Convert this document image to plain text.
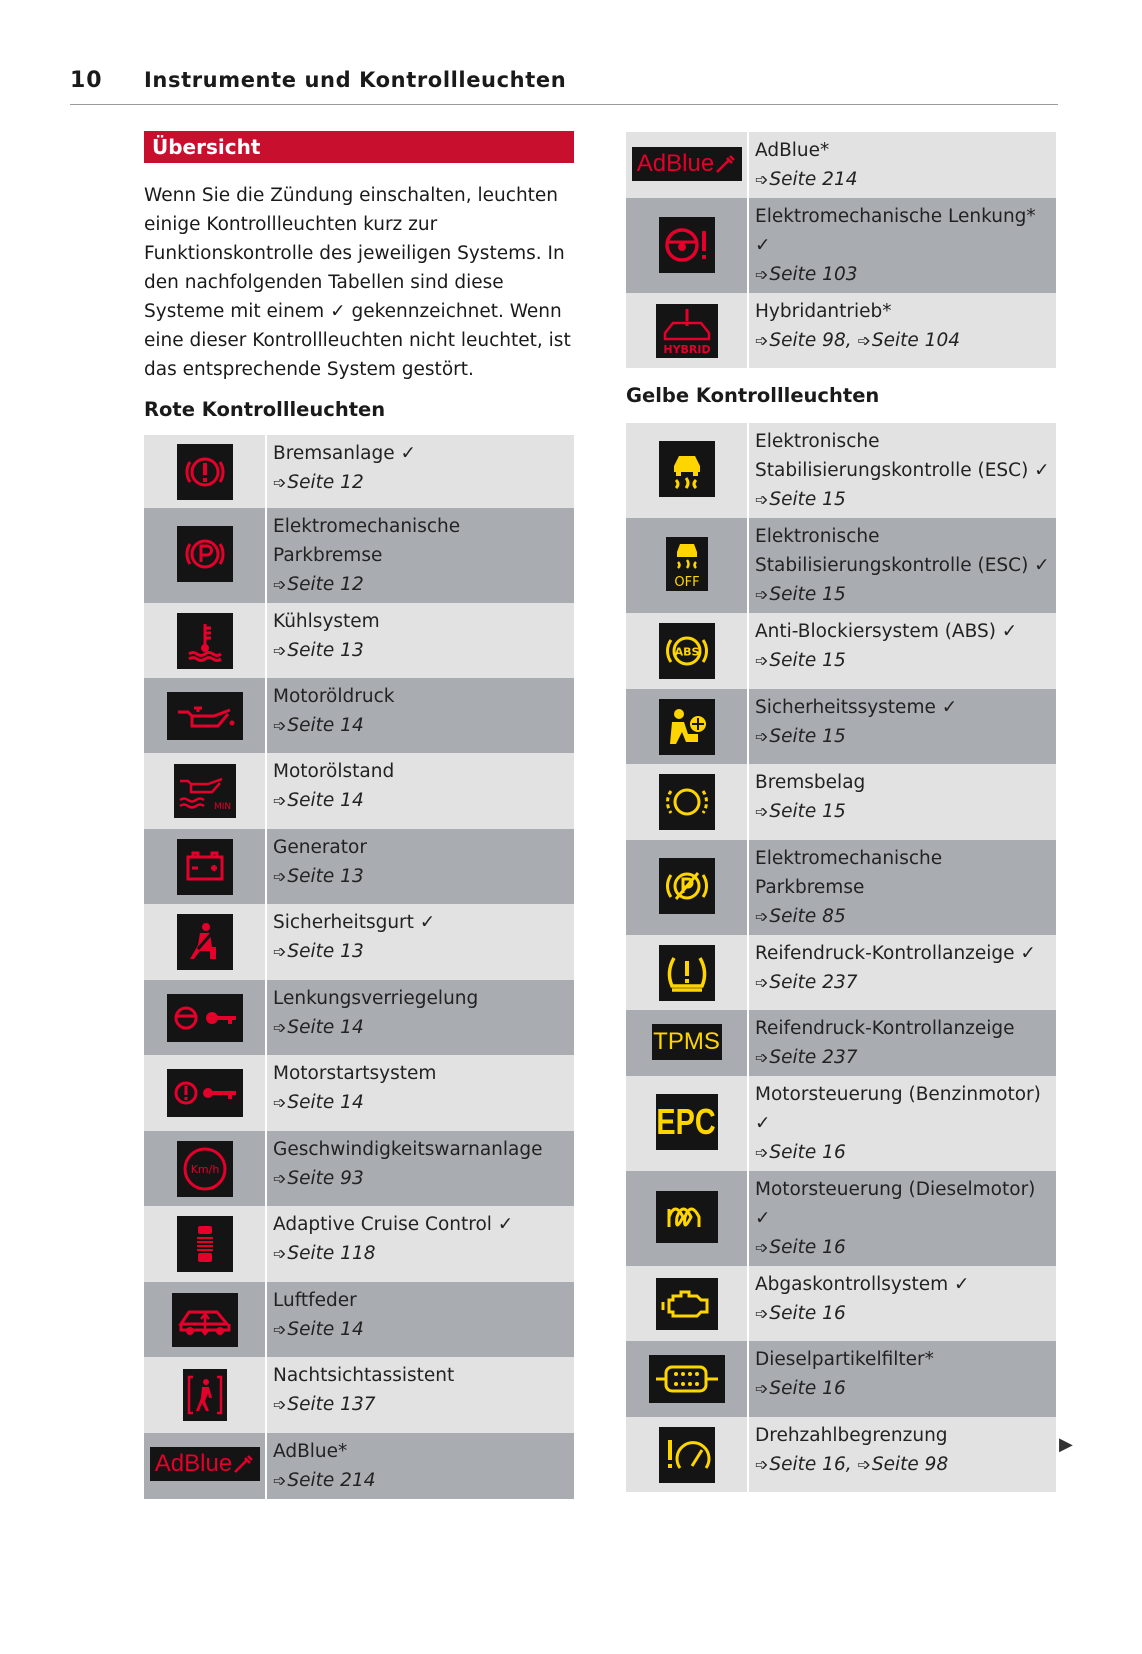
10 Instrumente und Kontrollleuchten
Übersicht

Wenn Sie die Zündung einschalten, leuchten einige Kontrollleuchten kurz zur Funktionskontrolle des jeweiligen Systems. In den nachfolgenden Tabellen sind diese Systeme mit einem ✓ gekennzeichnet. Wenn eine dieser Kontrollleuchten nicht leuchtet, ist das entsprechende System gestört.

Rote Kontrollleuchten

Bremsanlage ✓
➩Seite 12

Elektromechanische Parkbremse
➩Seite 12

Kühlsystem
➩Seite 13

Motoröldruck
➩Seite 14

MIN	Motorölstand
➩Seite 14

Generator
➩Seite 13

Sicherheitsgurt ✓
➩Seite 13

Lenkungsverriegelung
➩Seite 14

Motorstartsystem
➩Seite 14

Km/h	Geschwindigkeitswarnanlage
➩Seite 93

Adaptive Cruise Control ✓
➩Seite 118

Luftfeder
➩Seite 14

Nachtsichtassistent
➩Seite 137

AdBlue	AdBlue*
➩Seite 214
AdBlue	AdBlue*
➩Seite 214

Elektromechanische Lenkung* ✓
➩Seite 103

HYBRID	Hybridantrieb*
➩Seite 98, ➩Seite 104
Gelbe Kontrollleuchten

Elektronische Stabilisierungskontrolle (ESC) ✓
➩Seite 15

OFF	Elektronische Stabilisierungskontrolle (ESC) ✓
➩Seite 15

ABS	Anti-Blockiersystem (ABS) ✓
➩Seite 15

Sicherheitssysteme ✓
➩Seite 15

Bremsbelag
➩Seite 15

Elektromechanische Parkbremse
➩Seite 85

Reifendruck-Kontrollanzeige ✓
➩Seite 237

TPMS	Reifendruck-Kontrollanzeige
➩Seite 237

EPC	Motorsteuerung (Benzinmotor) ✓
➩Seite 16

Motorsteuerung (Dieselmotor) ✓
➩Seite 16

Abgaskontrollsystem ✓
➩Seite 16

Dieselpartikelfilter*
➩Seite 16

Drehzahlbegrenzung
➩Seite 16, ➩Seite 98
▶
